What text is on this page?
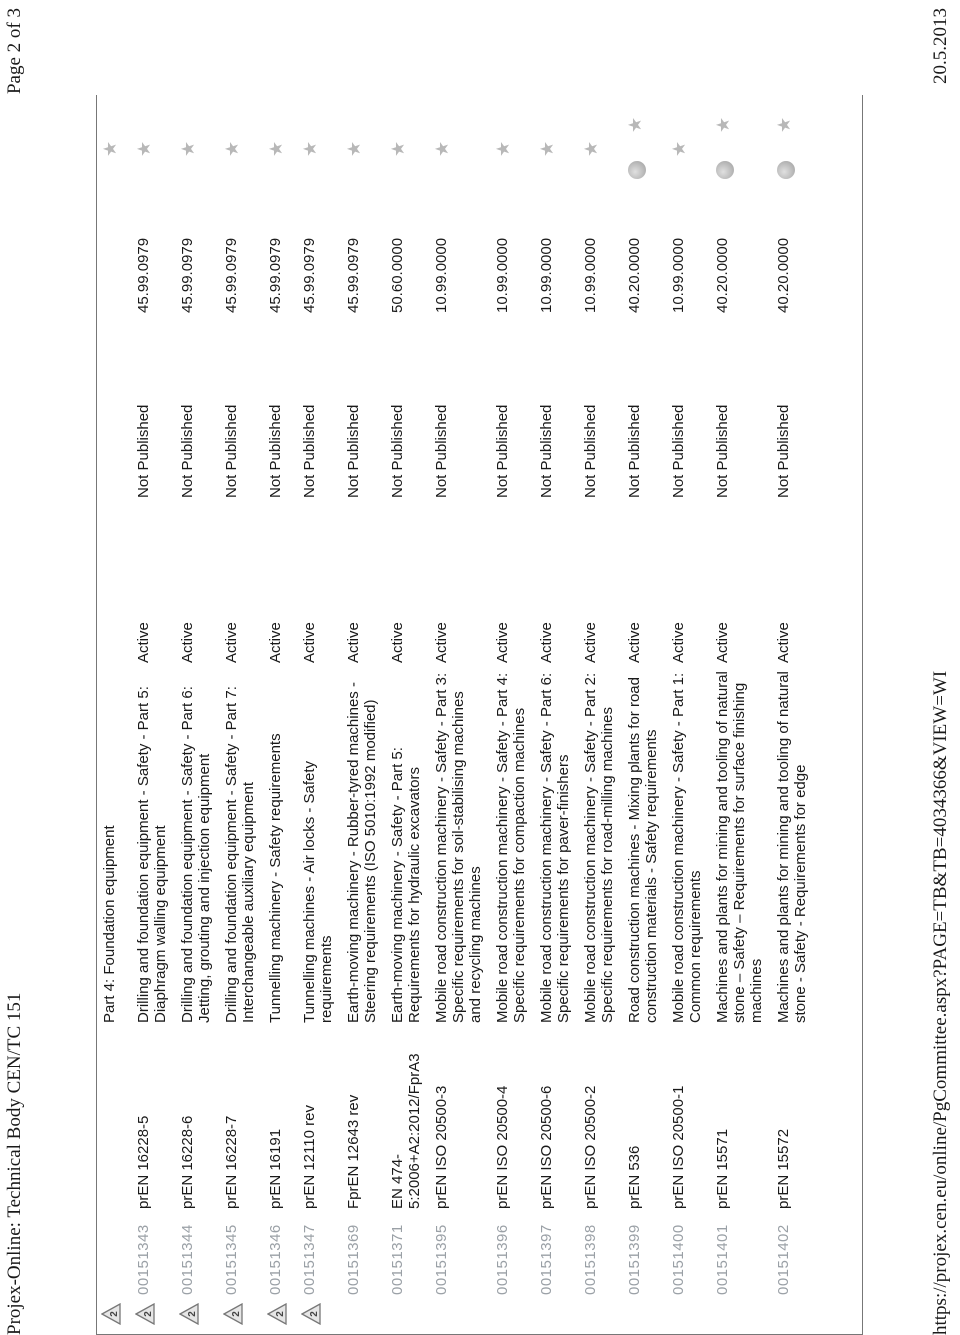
Projex-Online: Technical Body CEN/TC 151
Page 2 of 3
2			Part 4: Foundation equipment				★

2	00151343	prEN 16228-5	Drilling and foundation equipment - Safety - Part 5: Diaphragm walling equipment	Active	Not Published	45.99.0979	★

2	00151344	prEN 16228-6	Drilling and foundation equipment - Safety - Part 6: Jetting, grouting and injection equipment	Active	Not Published	45.99.0979	★

2	00151345	prEN 16228-7	Drilling and foundation equipment - Safety - Part 7: Interchangeable auxiliary equipment	Active	Not Published	45.99.0979	★

2	00151346	prEN 16191	Tunnelling machinery - Safety requirements	Active	Not Published	45.99.0979	★

2	00151347	prEN 12110 rev	Tunnelling machines - Air locks - Safety requirements	Active	Not Published	45.99.0979	★
	00151369	FprEN 12643 rev	Earth-moving machinery - Rubber-tyred machines - Steering requirements (ISO 5010:1992 modified)	Active	Not Published	45.99.0979	★
	00151371	EN 474-5:2006+A2:2012/FprA3	Earth-moving machinery - Safety - Part 5: Requirements for hydraulic excavators	Active	Not Published	50.60.0000	★
	00151395	prEN ISO 20500-3	Mobile road construction machinery - Safety - Part 3: Specific requirements for soil-stabilising machines and recycling machines	Active	Not Published	10.99.0000	★
	00151396	prEN ISO 20500-4	Mobile road construction machinery - Safety - Part 4: Specific requirements for compaction machines	Active	Not Published	10.99.0000	★
	00151397	prEN ISO 20500-6	Mobile road construction machinery - Safety - Part 6: Specific requirements for paver-finishers	Active	Not Published	10.99.0000	★
	00151398	prEN ISO 20500-2	Mobile road construction machinery - Safety - Part 2: Specific requirements for road-milling machines	Active	Not Published	10.99.0000	★
	00151399	prEN 536	Road construction machines - Mixing plants for road construction materials - Safety requirements	Active	Not Published	40.20.0000	★
	00151400	prEN ISO 20500-1	Mobile road construction machinery - Safety - Part 1: Common requirements	Active	Not Published	10.99.0000	★
	00151401	prEN 15571	Machines and plants for mining and tooling of natural stone – Safety – Requirements for surface finishing machines	Active	Not Published	40.20.0000	★
	00151402	prEN 15572	Machines and plants for mining and tooling of natural stone - Safety - Requirements for edge	Active	Not Published	40.20.0000	★
https://projex.cen.eu/online/PgCommittee.aspx?PAGE=TB&TB=4034366&VIEW=WI
20.5.2013
